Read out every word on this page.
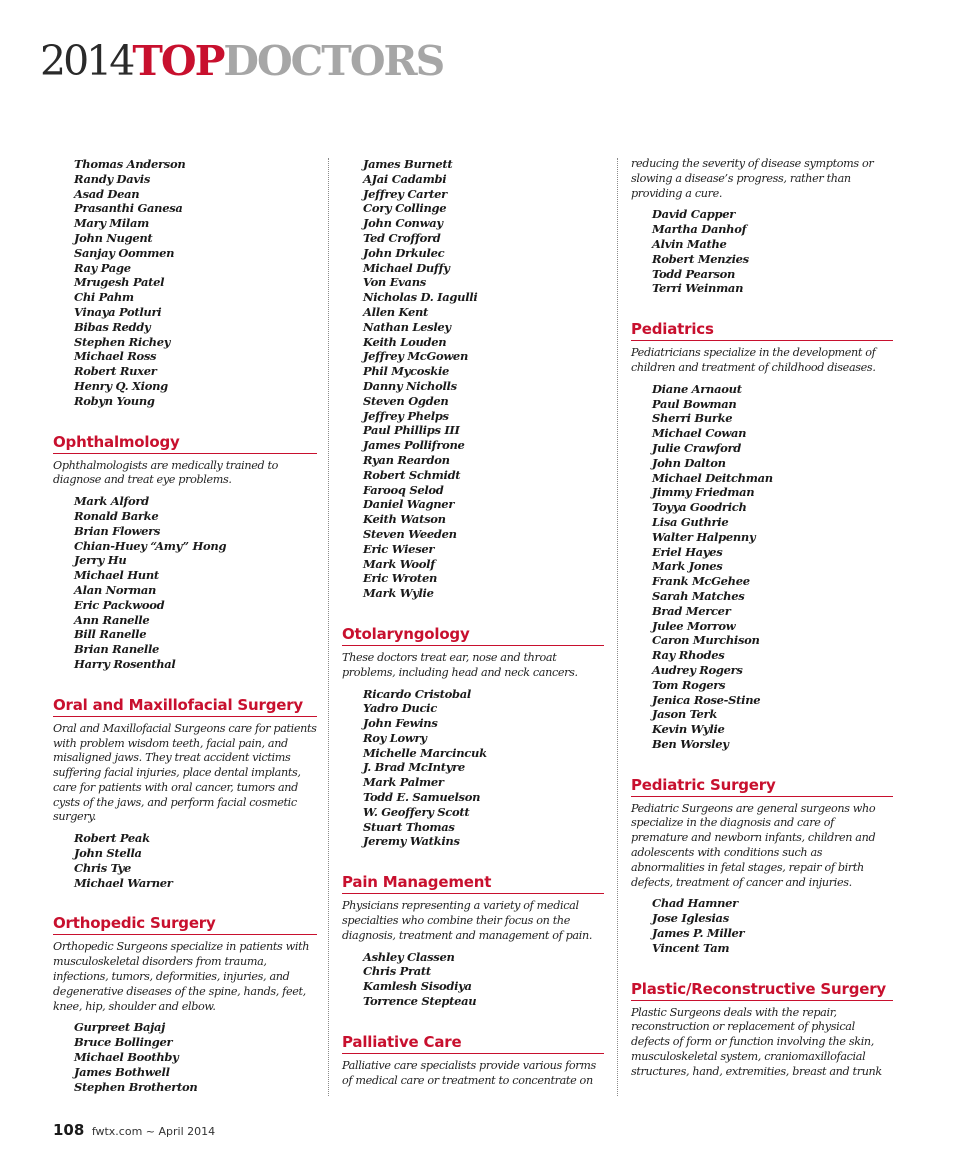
2014TOPDOCTORS
Thomas Anderson
Randy Davis
Asad Dean
Prasanthi Ganesa
Mary Milam
John Nugent
Sanjay Oommen
Ray Page
Mrugesh Patel
Chi Pahm
Vinaya Potluri
Bibas Reddy
Stephen Richey
Michael Ross
Robert Ruxer
Henry Q. Xiong
Robyn Young
Ophthalmology

Ophthalmologists are medically trained to diagnose and treat eye problems.

Mark Alford
Ronald Barke
Brian Flowers
Chian-Huey “Amy” Hong
Jerry Hu
Michael Hunt
Alan Norman
Eric Packwood
Ann Ranelle
Bill Ranelle
Brian Ranelle
Harry Rosenthal
Oral and Maxillofacial Surgery

Oral and Maxillofacial Surgeons care for patients with problem wisdom teeth, facial pain, and misaligned jaws. They treat accident victims suffering facial injuries, place dental implants, care for patients with oral cancer, tumors and cysts of the jaws, and perform facial cosmetic surgery.

Robert Peak
John Stella
Chris Tye
Michael Warner
Orthopedic Surgery

Orthopedic Surgeons specialize in patients with musculoskeletal disorders from trauma, infections, tumors, deformities, injuries, and degenerative diseases of the spine, hands, feet, knee, hip, shoulder and elbow.

Gurpreet Bajaj
Bruce Bollinger
Michael Boothby
James Bothwell
Stephen Brotherton
James Burnett
AJai Cadambi
Jeffrey Carter
Cory Collinge
John Conway
Ted Crofford
John Drkulec
Michael Duffy
Von Evans
Nicholas D. Iagulli
Allen Kent
Nathan Lesley
Keith Louden
Jeffrey McGowen
Phil Mycoskie
Danny Nicholls
Steven Ogden
Jeffrey Phelps
Paul Phillips III
James Pollifrone
Ryan Reardon
Robert Schmidt
Farooq Selod
Daniel Wagner
Keith Watson
Steven Weeden
Eric Wieser
Mark Woolf
Eric Wroten
Mark Wylie
Otolaryngology

These doctors treat ear, nose and throat problems, including head and neck cancers.

Ricardo Cristobal
Yadro Ducic
John Fewins
Roy Lowry
Michelle Marcincuk
J. Brad McIntyre
Mark Palmer
Todd E. Samuelson
W. Geoffery Scott
Stuart Thomas
Jeremy Watkins
Pain Management

Physicians representing a variety of medical specialties who combine their focus on the diagnosis, treatment and management of pain.

Ashley Classen
Chris Pratt
Kamlesh Sisodiya
Torrence Stepteau
Palliative Care

Palliative care specialists provide various forms of medical care or treatment to concentrate on

reducing the severity of disease symptoms or slowing a disease’s progress, rather than providing a cure.

David Capper
Martha Danhof
Alvin Mathe
Robert Menzies
Todd Pearson
Terri Weinman
Pediatrics

Pediatricians specialize in the development of children and treatment of childhood diseases.

Diane Arnaout
Paul Bowman
Sherri Burke
Michael Cowan
Julie Crawford
John Dalton
Michael Deitchman
Jimmy Friedman
Toyya Goodrich
Lisa Guthrie
Walter Halpenny
Eriel Hayes
Mark Jones
Frank McGehee
Sarah Matches
Brad Mercer
Julee Morrow
Caron Murchison
Ray Rhodes
Audrey Rogers
Tom Rogers
Jenica Rose-Stine
Jason Terk
Kevin Wylie
Ben Worsley
Pediatric Surgery

Pediatric Surgeons are general surgeons who specialize in the diagnosis and care of premature and newborn infants, children and adolescents with conditions such as abnormalities in fetal stages, repair of birth defects, treatment of cancer and injuries.

Chad Hamner
Jose Iglesias
James P. Miller
Vincent Tam
Plastic/Reconstructive Surgery

Plastic Surgeons deals with the repair, reconstruction or replacement of physical defects of form or function involving the skin, musculoskeletal system, craniomaxillofacial structures, hand, extremities, breast and trunk

108 fwtx.com ~ April 2014
